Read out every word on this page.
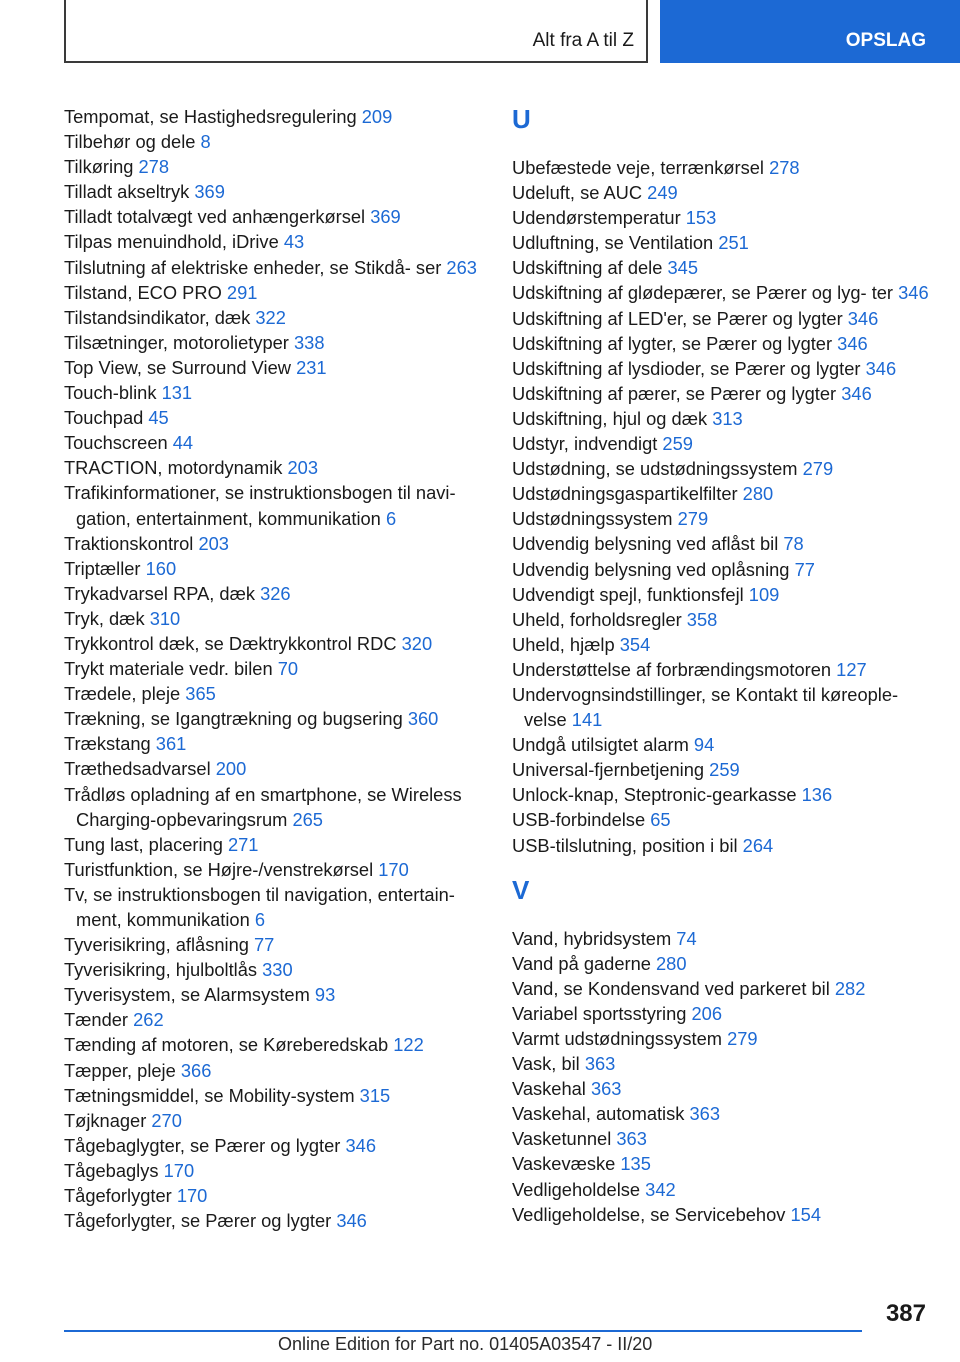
Alt fra A til Z	OPSLAG

Tempomat, se Hastighedsregulering 209

Tilbehør og dele 8

Tilkøring 278

Tilladt akseltryk 369

Tilladt totalvægt ved anhængerkørsel 369

Tilpas menuindhold, iDrive 43

Tilslutning af elektriske enheder, se Stikdå‐ ser 263

Tilstand, ECO PRO 291

Tilstandsindikator, dæk 322

Tilsætninger, motorolietyper 338

Top View, se Surround View 231

Touch-blink 131

Touchpad 45

Touchscreen 44

TRACTION, motordynamik 203

Trafikinformationer, se instruktionsbogen til navi‐ gation, entertainment, kommunikation 6

Traktionskontrol 203

Triptæller 160

Trykadvarsel RPA, dæk 326

Tryk, dæk 310

Trykkontrol dæk, se Dæktrykkontrol RDC 320

Trykt materiale vedr. bilen 70

Trædele, pleje 365

Trækning, se Igangtrækning og bugsering 360

Trækstang 361

Træthedsadvarsel 200

Trådløs opladning af en smartphone, se Wireless Charging-opbevaringsrum 265

Tung last, placering 271

Turistfunktion, se Højre-/venstrekørsel 170

Tv, se instruktionsbogen til navigation, entertain‐ ment, kommunikation 6

Tyverisikring, aflåsning 77

Tyverisikring, hjulboltlås 330

Tyverisystem, se Alarmsystem 93

Tænder 262

Tænding af motoren, se Køreberedskab 122

Tæpper, pleje 366

Tætningsmiddel, se Mobility-system 315

Tøjknager 270

Tågebaglygter, se Pærer og lygter 346

Tågebaglys 170

Tågeforlygter 170

Tågeforlygter, se Pærer og lygter 346

U

Ubefæstede veje, terrænkørsel 278

Udeluft, se AUC 249

Udendørstemperatur 153

Udluftning, se Ventilation 251

Udskiftning af dele 345

Udskiftning af glødepærer, se Pærer og lyg‐ ter 346

Udskiftning af LED'er, se Pærer og lygter 346

Udskiftning af lygter, se Pærer og lygter 346

Udskiftning af lysdioder, se Pærer og lygter 346

Udskiftning af pærer, se Pærer og lygter 346

Udskiftning, hjul og dæk 313

Udstyr, indvendigt 259

Udstødning, se udstødningssystem 279

Udstødningsgaspartikelfilter 280

Udstødningssystem 279

Udvendig belysning ved aflåst bil 78

Udvendig belysning ved oplåsning 77

Udvendigt spejl, funktionsfejl 109

Uheld, forholdsregler 358

Uheld, hjælp 354

Understøttelse af forbrændingsmotoren 127

Undervognsindstillinger, se Kontakt til køreople‐ velse 141

Undgå utilsigtet alarm 94

Universal-fjernbetjening 259

Unlock-knap, Steptronic-gearkasse 136

USB-forbindelse 65

USB-tilslutning, position i bil 264

V

Vand, hybridsystem 74

Vand på gaderne 280

Vand, se Kondensvand ved parkeret bil 282

Variabel sportsstyring 206

Varmt udstødningssystem 279

Vask, bil 363

Vaskehal 363

Vaskehal, automatisk 363

Vasketunnel 363

Vaskevæske 135

Vedligeholdelse 342

Vedligeholdelse, se Servicebehov 154

387
Online Edition for Part no. 01405A03547 - II/20
